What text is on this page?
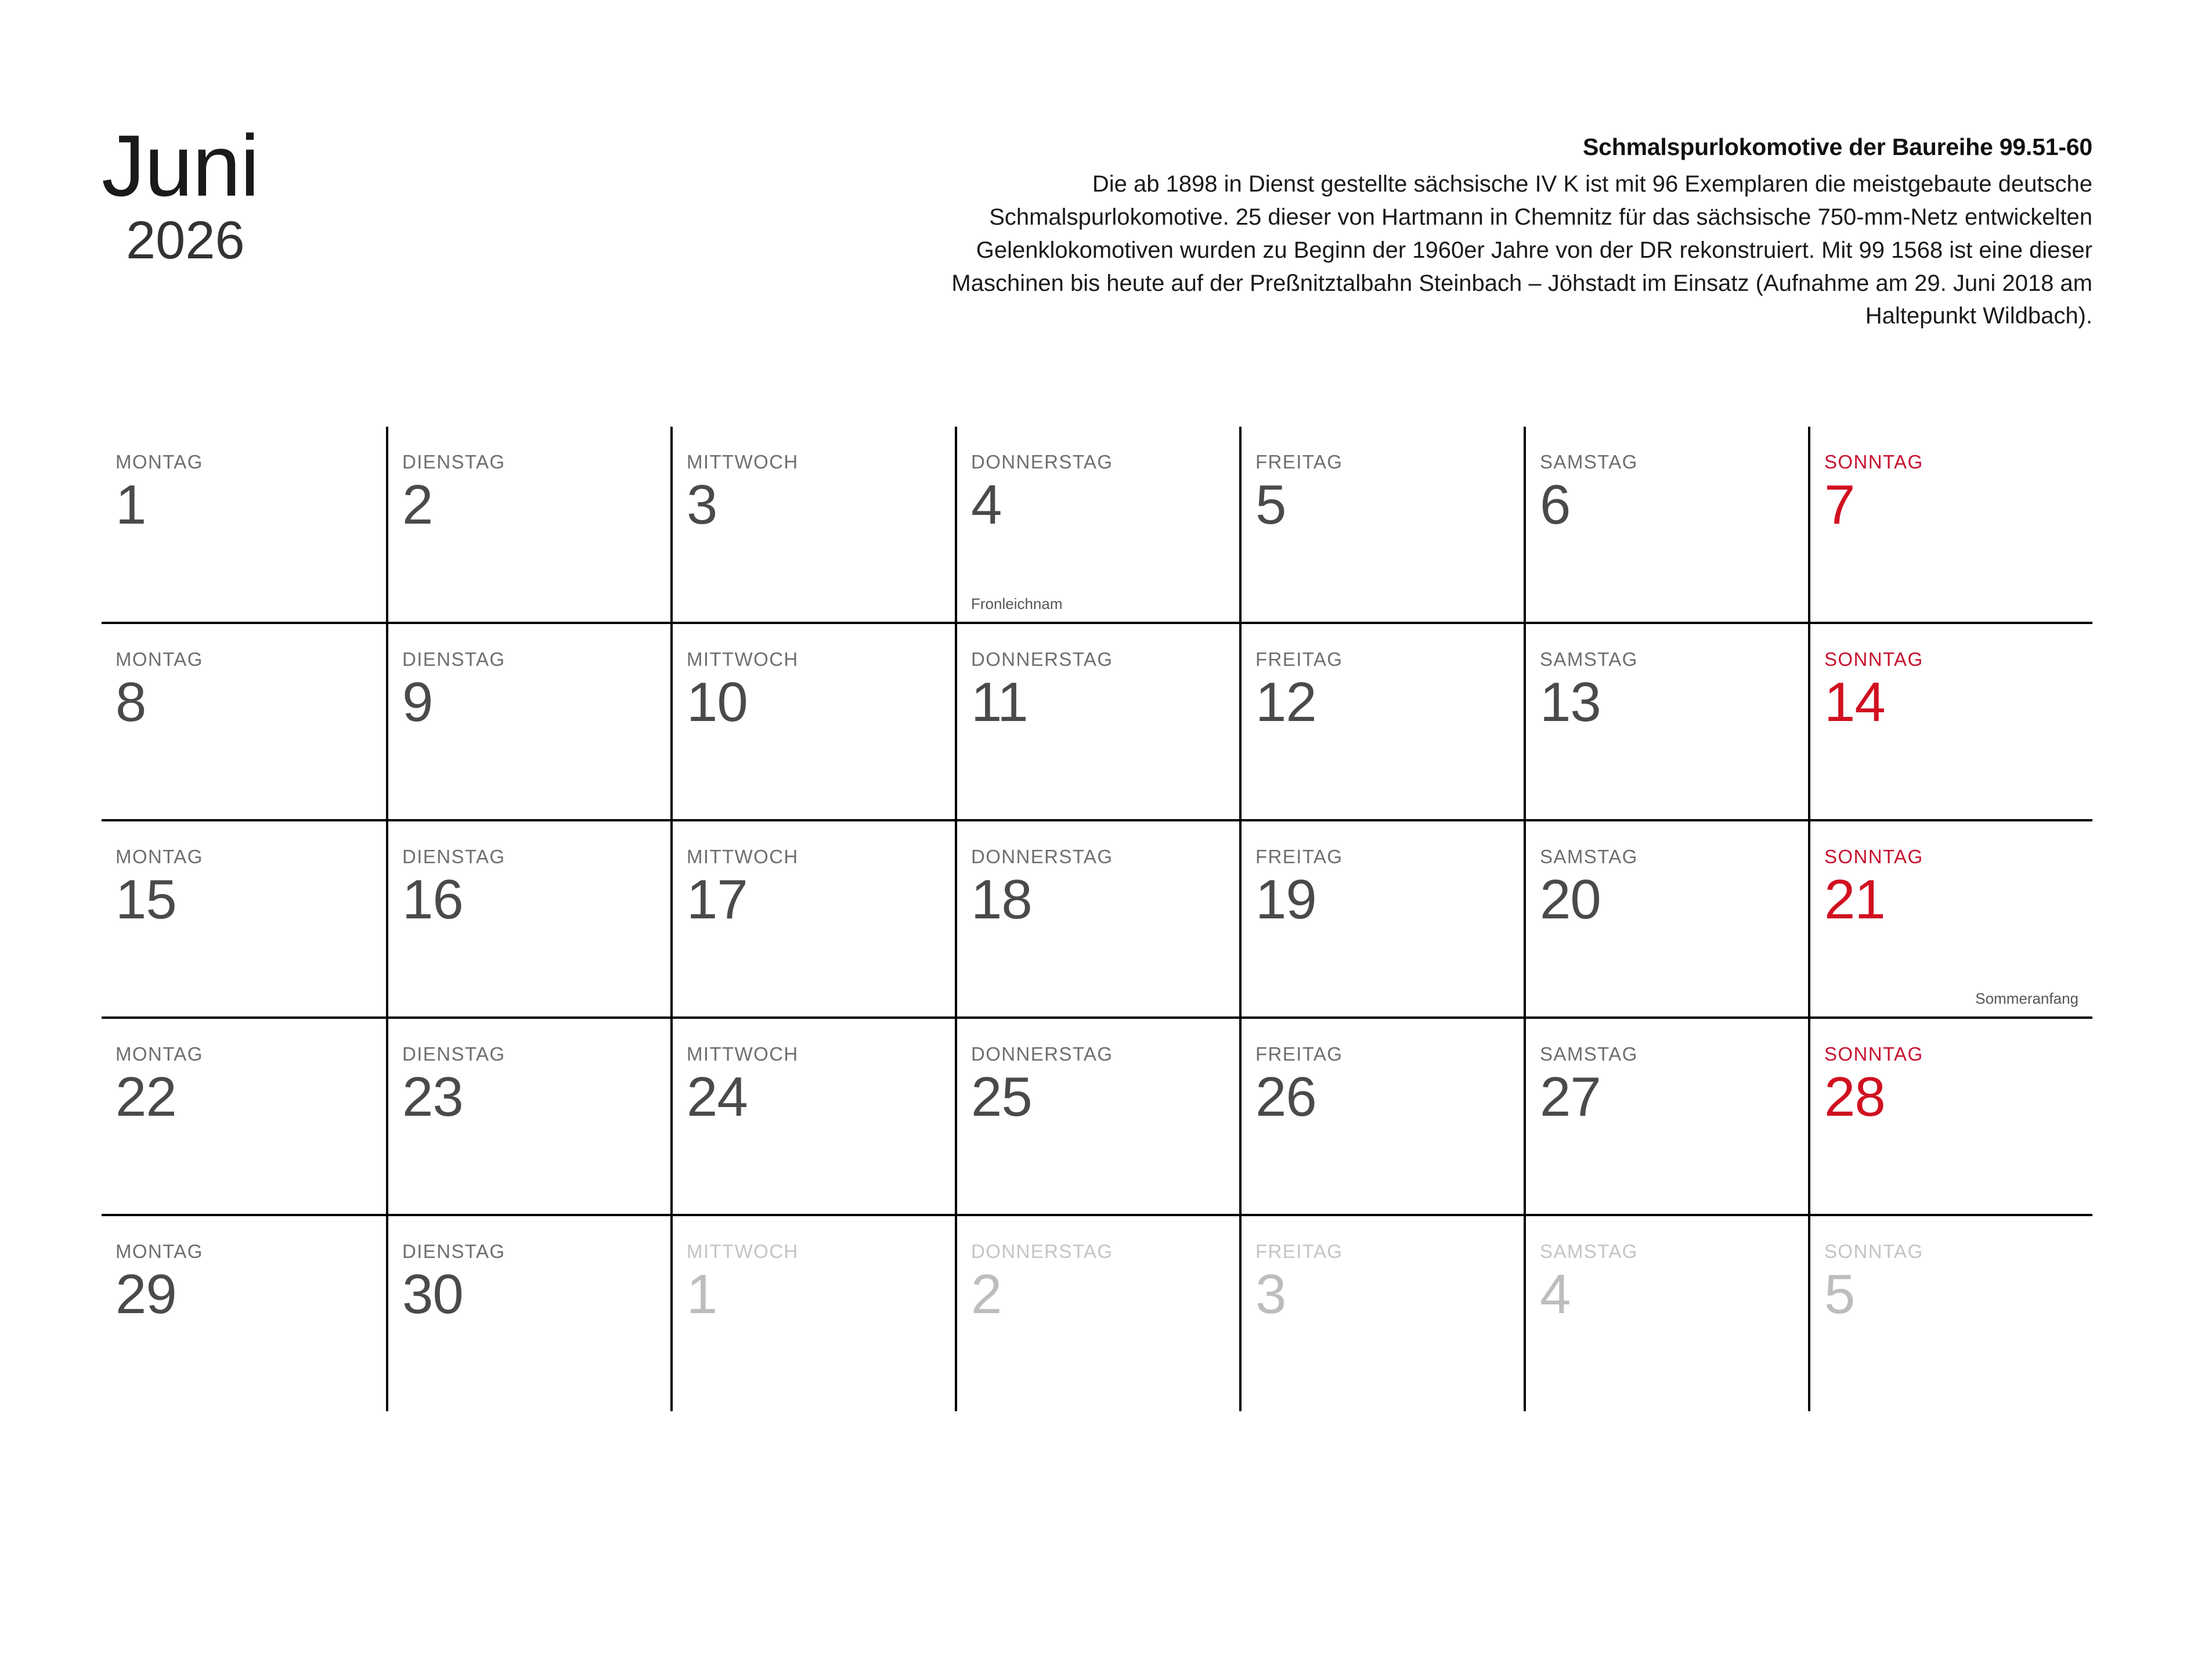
Juni
2026
Schmalspurlokomotive der Baureihe 99.51-60
Die ab 1898 in Dienst gestellte sächsische IV K ist mit 96 Exemplaren die meistgebaute deutsche Schmalspurlokomotive. 25 dieser von Hartmann in Chemnitz für das sächsische 750-mm-Netz entwickelten Gelenklokomotiven wurden zu Beginn der 1960er Jahre von der DR rekonstruiert. Mit 99 1568 ist eine dieser Maschinen bis heute auf der Preßnitztalbahn Steinbach – Jöhstadt im Einsatz (Aufnahme am 29. Juni 2018 am Haltepunkt Wildbach).
MONTAG
1
DIENSTAG
2
MITTWOCH
3
DONNERSTAG
4
Fronleichnam
FREITAG
5
SAMSTAG
6
SONNTAG
7
MONTAG
8
DIENSTAG
9
MITTWOCH
10
DONNERSTAG
11
FREITAG
12
SAMSTAG
13
SONNTAG
14
MONTAG
15
DIENSTAG
16
MITTWOCH
17
DONNERSTAG
18
FREITAG
19
SAMSTAG
20
SONNTAG
21
Sommeranfang
MONTAG
22
DIENSTAG
23
MITTWOCH
24
DONNERSTAG
25
FREITAG
26
SAMSTAG
27
SONNTAG
28
MONTAG
29
DIENSTAG
30
MITTWOCH
1
DONNERSTAG
2
FREITAG
3
SAMSTAG
4
SONNTAG
5
